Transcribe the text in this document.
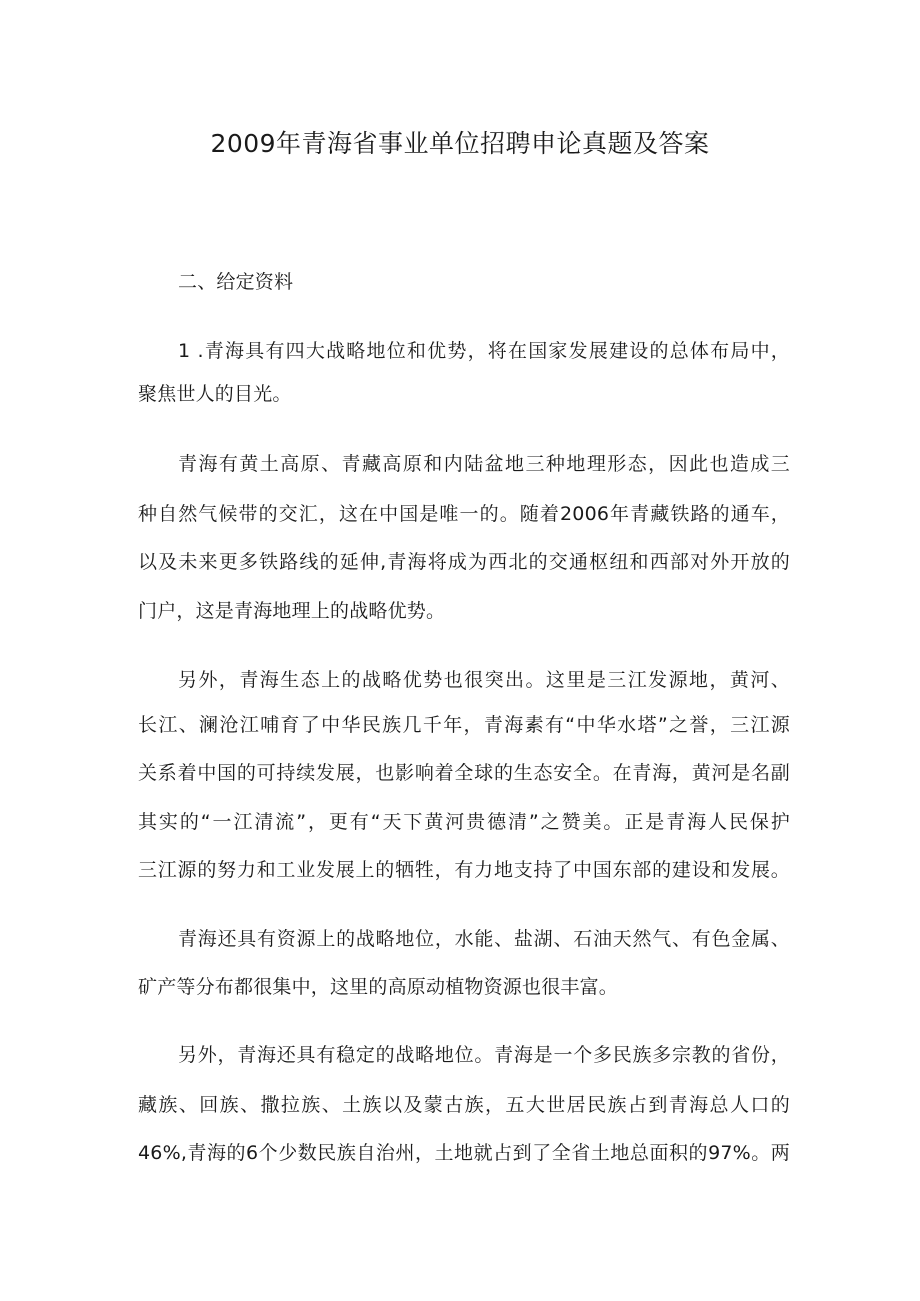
2009年青海省事业单位招聘申论真题及答案
二、给定资料
1 .青海具有四大战略地位和优势，将在国家发展建设的总体布局中，
聚焦世人的目光。
青海有黄土高原、青藏高原和内陆盆地三种地理形态，因此也造成三
种自然气候带的交汇，这在中国是唯一的。随着2006年青藏铁路的通车，
以及未来更多铁路线的延伸,青海将成为西北的交通枢纽和西部对外开放的
门户，这是青海地理上的战略优势。
另外，青海生态上的战略优势也很突出。这里是三江发源地，黄河、
长江、澜沧江哺育了中华民族几千年，青海素有“中华水塔”之誉，三江源
关系着中国的可持续发展，也影响着全球的生态安全。在青海，黄河是名副
其实的“一江清流”，更有“天下黄河贵德清”之赞美。正是青海人民保护
三江源的努力和工业发展上的牺牲，有力地支持了中国东部的建设和发展。
青海还具有资源上的战略地位，水能、盐湖、石油天然气、有色金属、
矿产等分布都很集中，这里的高原动植物资源也很丰富。
另外，青海还具有稳定的战略地位。青海是一个多民族多宗教的省份，
藏族、回族、撒拉族、土族以及蒙古族，五大世居民族占到青海总人口的
46%,青海的6个少数民族自治州，土地就占到了全省土地总面积的97%。两
